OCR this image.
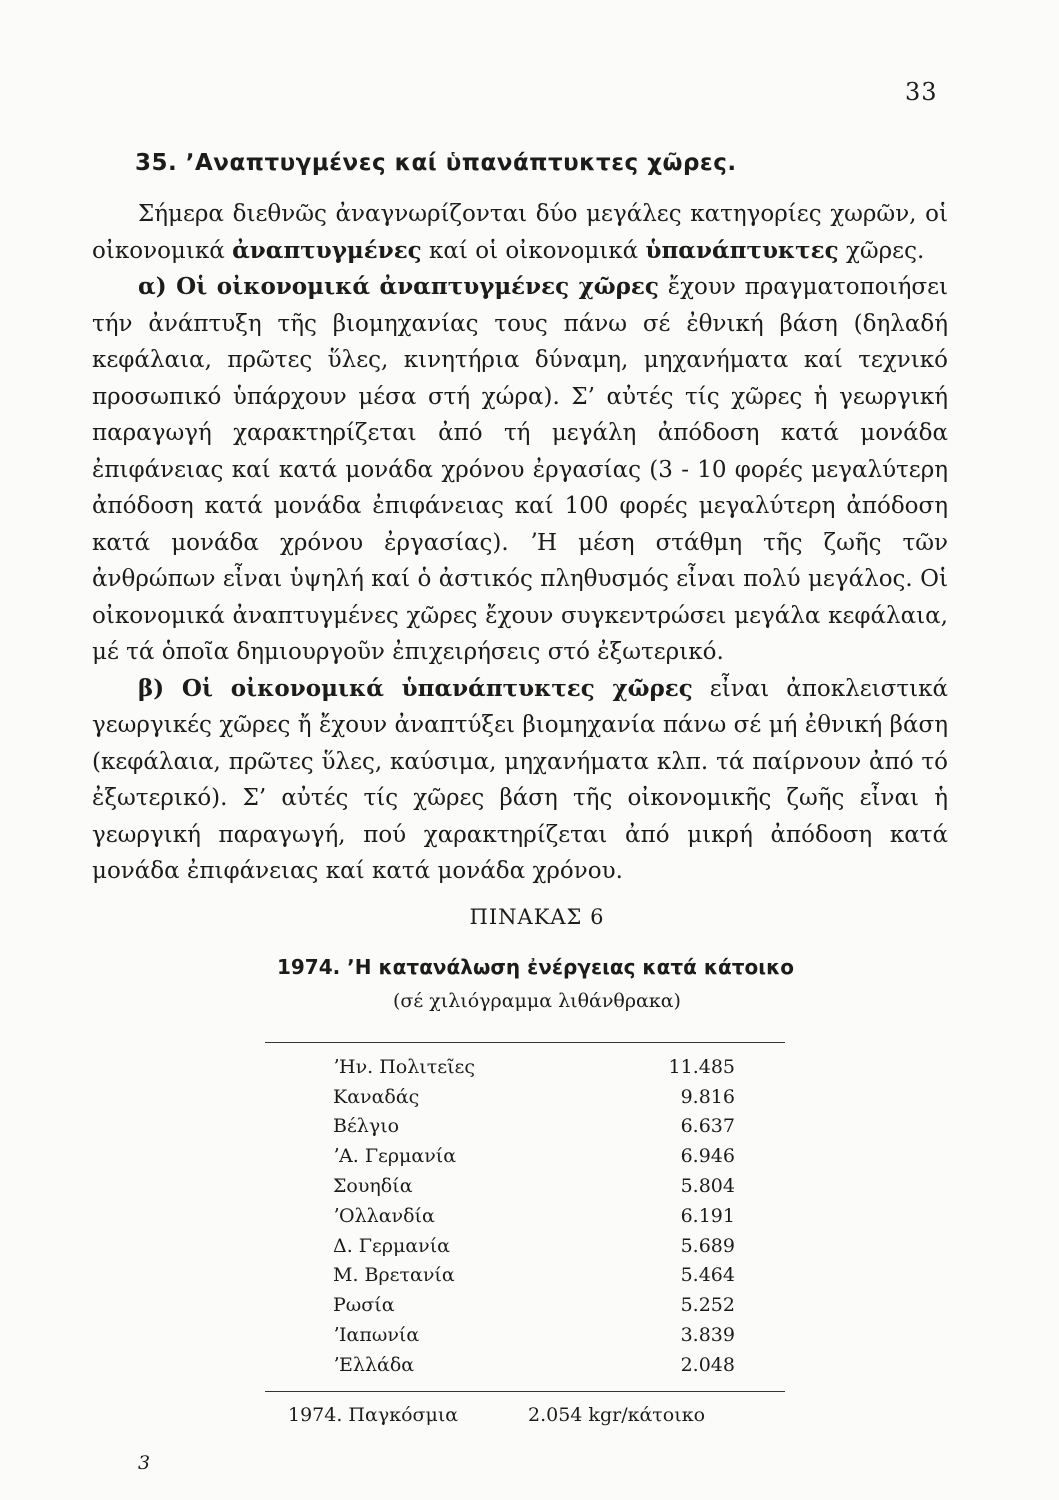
33
35. ʼΑναπτυγμένες καί ὑπανάπτυκτες χῶρες.

Σήμερα διεθνῶς ἀναγνωρίζονται δύο μεγάλες κατηγορίες χωρῶν, οἱ οἰκονομικά ἀναπτυγμένες καί οἱ οἰκονομικά ὑπανάπτυκτες χῶρες.

α) Οἱ οἰκονομικά ἀναπτυγμένες χῶρες ἔχουν πραγματοποιήσει τήν ἀνάπτυξη τῆς βιομηχανίας τους πάνω σέ ἐθνική βάση (δηλαδή κεφάλαια, πρῶτες ὕλες, κινητήρια δύναμη, μηχανήματα καί τεχνικό προσωπικό ὑπάρχουν μέσα στή χώρα). Σ’ αὐτές τίς χῶρες ἡ γεωργική παραγωγή χαρακτηρίζεται ἀπό τή μεγάλη ἀπόδοση κατά μονάδα ἐπιφάνειας καί κατά μονάδα χρόνου ἐργασίας (3 - 10 φορές μεγαλύτερη ἀπόδοση κατά μονάδα ἐπιφάνειας καί 100 φορές μεγαλύτερη ἀπόδοση κατά μονάδα χρόνου ἐργασίας). ʼΗ μέση στάθμη τῆς ζωῆς τῶν ἀνθρώπων εἶναι ὑψηλή καί ὁ ἀστικός πληθυσμός εἶναι πολύ μεγάλος. Οἱ οἰκονομικά ἀναπτυγμένες χῶρες ἔχουν συγκεντρώσει μεγάλα κεφάλαια, μέ τά ὁποῖα δημιουργοῦν ἐπιχειρήσεις στό ἐξωτερικό.

β) Οἱ οἰκονομικά ὑπανάπτυκτες χῶρες εἶναι ἀποκλειστικά γεωργικές χῶρες ἤ ἔχουν ἀναπτύξει βιομηχανία πάνω σέ μή ἐθνική βάση (κεφάλαια, πρῶτες ὕλες, καύσιμα, μηχανήματα κλπ. τά παίρνουν ἀπό τό ἐξωτερικό). Σ’ αὐτές τίς χῶρες βάση τῆς οἰκονομικῆς ζωῆς εἶναι ἡ γεωργική παραγωγή, πού χαρακτηρίζεται ἀπό μικρή ἀπόδοση κατά μονάδα ἐπιφάνειας καί κατά μονάδα χρόνου.

ΠΙΝΑΚΑΣ 6
1974. ʼΗ κατανάλωση ἐνέργειας κατά κάτοικο
(σέ χιλιόγραμμα λιθάνθρακα)
ʼΗν. Πολιτεῖες	11.485
Καναδάς	9.816
Βέλγιο	6.637
ʼΑ. Γερμανία	6.946
Σουηδία	5.804
ʼΟλλανδία	6.191
Δ. Γερμανία	5.689
Μ. Βρετανία	5.464
Ρωσία	5.252
ʼΙαπωνία	3.839
ʼΕλλάδα	2.048
1974. Παγκόσμια	2.054 kgr/κάτοικο
3
